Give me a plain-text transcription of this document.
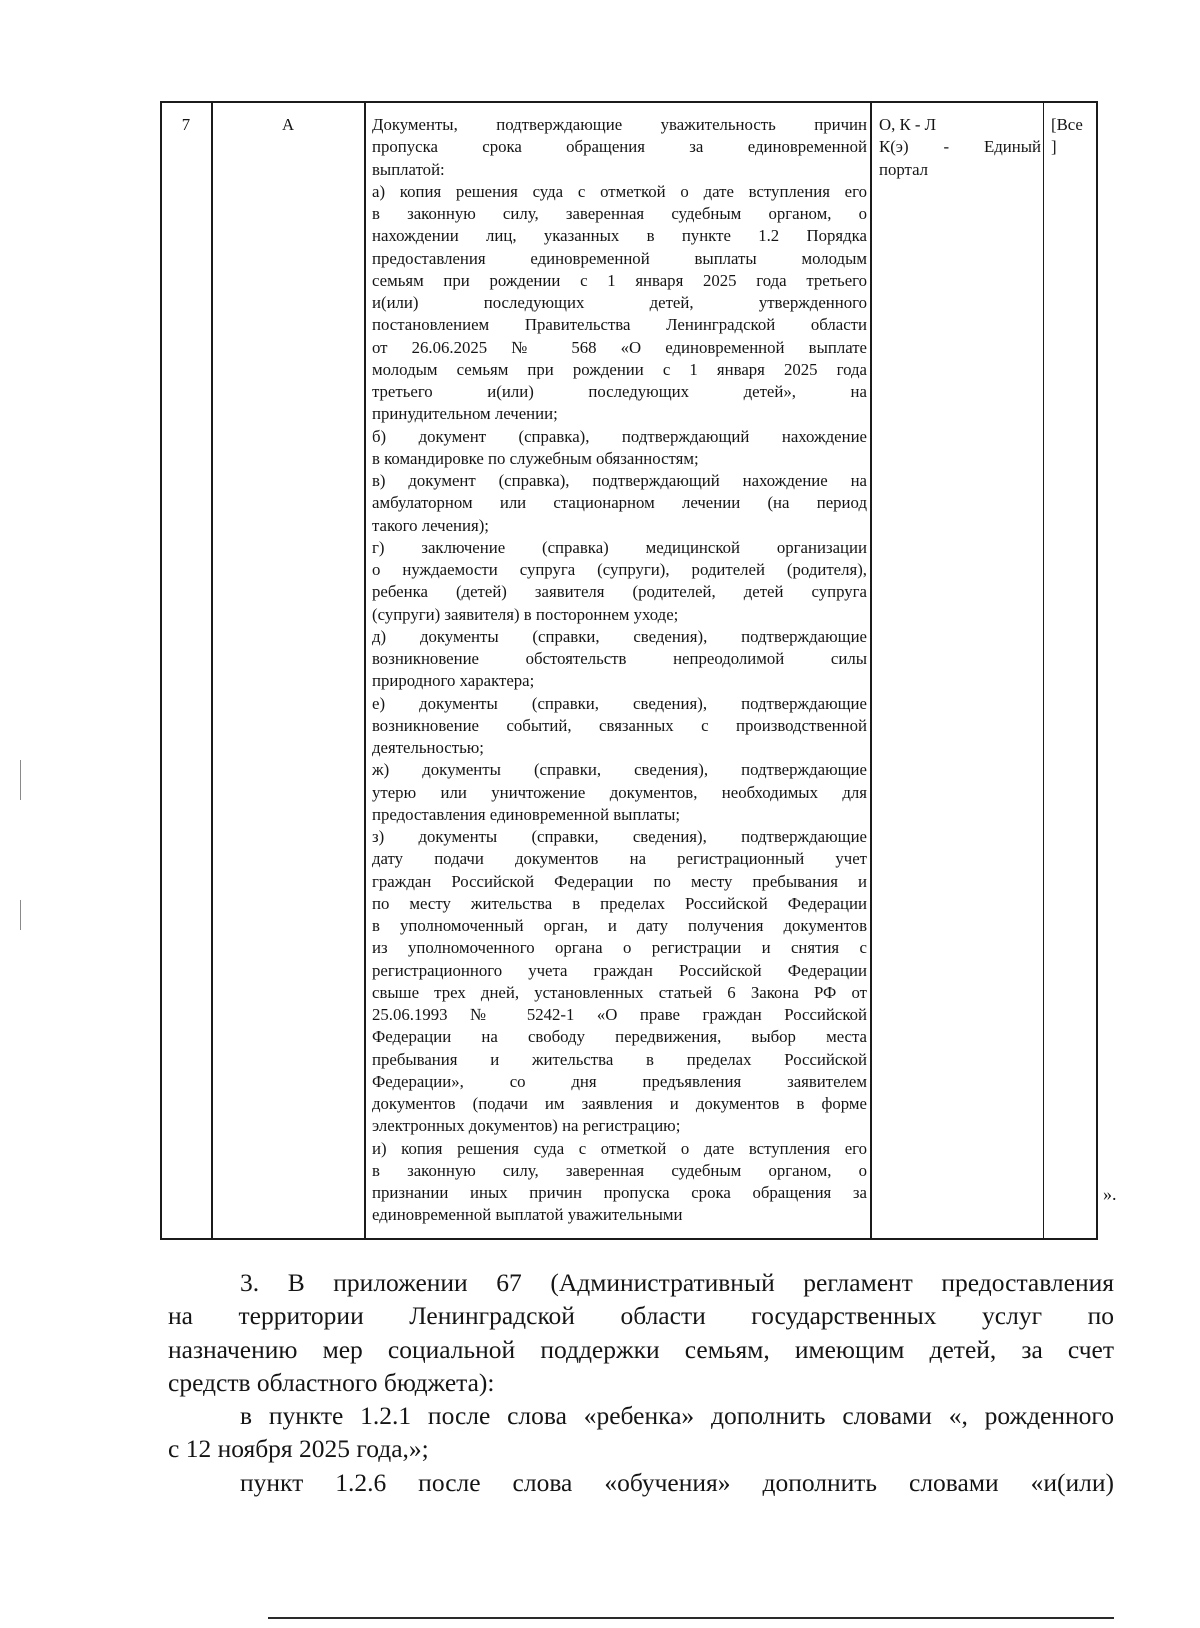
7	А	Документы, подтверждающие уважительность причин
пропуска срока обращения за единовременной
выплатой:
а) копия решения суда с отметкой о дате вступления его
в законную силу, заверенная судебным органом, о
нахождении лиц, указанных в пункте 1.2 Порядка
предоставления единовременной выплаты молодым
семьям при рождении с 1 января 2025 года третьего
и(или) последующих детей, утвержденного
постановлением Правительства Ленинградской области
от 26.06.2025 № 568 «О единовременной выплате
молодым семьям при рождении с 1 января 2025 года
третьего и(или) последующих детей», на
принудительном лечении;
б) документ (справка), подтверждающий нахождение
в командировке по служебным обязанностям;
в) документ (справка), подтверждающий нахождение на
амбулаторном или стационарном лечении (на период
такого лечения);
г) заключение (справка) медицинской организации
о нуждаемости супруга (супруги), родителей (родителя),
ребенка (детей) заявителя (родителей, детей супруга
(супруги) заявителя) в постороннем уходе;
д) документы (справки, сведения), подтверждающие
возникновение обстоятельств непреодолимой силы
природного характера;
е) документы (справки, сведения), подтверждающие
возникновение событий, связанных с производственной
деятельностью;
ж) документы (справки, сведения), подтверждающие
утерю или уничтожение документов, необходимых для
предоставления единовременной выплаты;
з) документы (справки, сведения), подтверждающие
дату подачи документов на регистрационный учет
граждан Российской Федерации по месту пребывания и
по месту жительства в пределах Российской Федерации
в уполномоченный орган, и дату получения документов
из уполномоченного органа о регистрации и снятия с
регистрационного учета граждан Российской Федерации
свыше трех дней, установленных статьей 6 Закона РФ от
25.06.1993 № 5242-1 «О праве граждан Российской
Федерации на свободу передвижения, выбор места
пребывания и жительства в пределах Российской
Федерации», со дня предъявления заявителем
документов (подачи им заявления и документов в форме
электронных документов) на регистрацию;
и) копия решения суда с отметкой о дате вступления его
в законную силу, заверенная судебным органом, о
признании иных причин пропуска срока обращения за
единовременной выплатой уважительными
О, К - Л
К(э) - Единый
портал
[Все
]
».
3. В приложении 67 (Административный регламент предоставления
на территории Ленинградской области государственных услуг по
назначению мер социальной поддержки семьям, имеющим детей, за счет
средств областного бюджета):
в пункте 1.2.1 после слова «ребенка» дополнить словами «, рожденного
с 12 ноября 2025 года,»;
пункт 1.2.6 после слова «обучения» дополнить словами «и(или)
